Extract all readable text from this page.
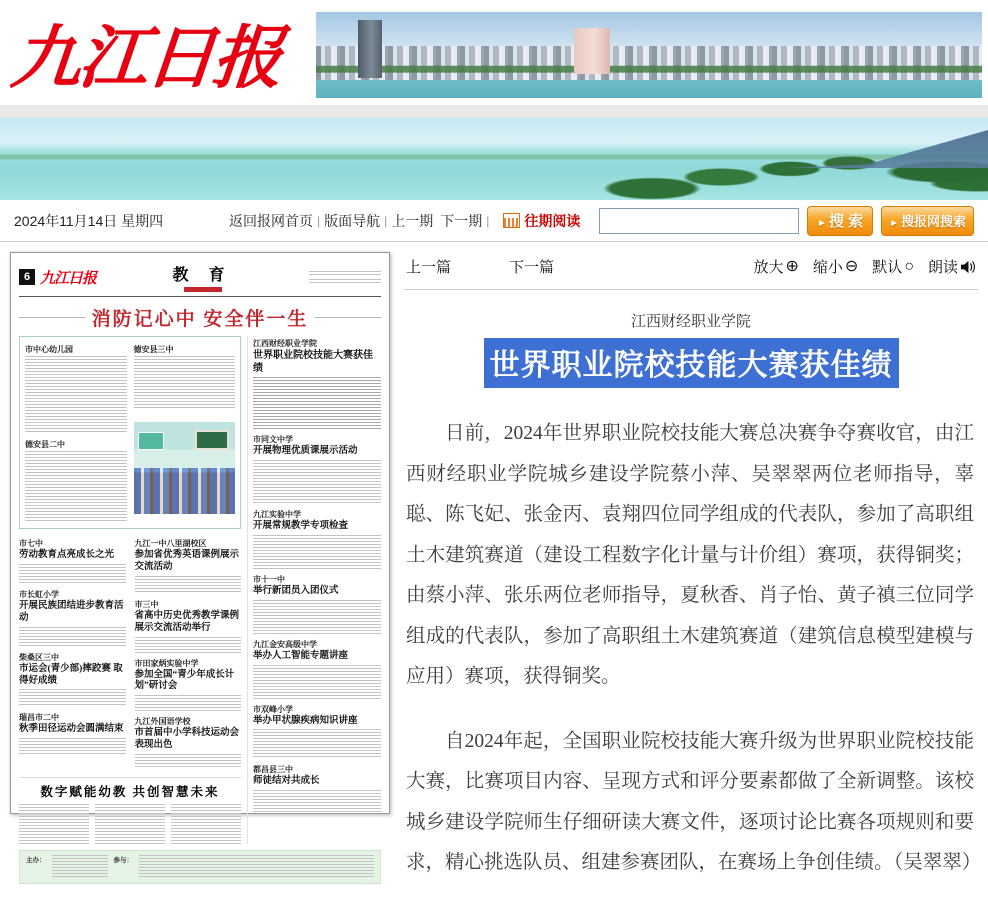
九江日报
2024年11月14日 星期四	返回报网首页 | 版面导航 | 上一期 下一期 |	往期阅读	► 搜 索	► 搜报网搜索
6 九江日报	教 育
消防记心中 安全伴一生
市中心幼儿园
德安县二中
德安县三中
市七中
劳动教育点亮成长之光
市长虹小学
开展民族团结进步教育活动
柴桑区三中
市运会(青少部)摔跤赛 取得好成绩
瑞昌市二中
秋季田径运动会圆满结束
九江一中八里湖校区
参加省优秀英语课例展示交流活动
市三中
省高中历史优秀教学课例展示交流活动举行
市田家炳实验中学
参加全国“青少年成长计划”研讨会
九江外国语学校
市首届中小学科技运动会表现出色
数字赋能幼教 共创智慧未来
江西财经职业学院
世界职业院校技能大赛获佳绩
市同文中学
开展物理优质课展示活动
九江实验中学
开展常规教学专项检查
市十一中
举行新团员入团仪式
九江金安高级中学
举办人工智能专题讲座
市双峰小学
举办甲状腺疾病知识讲座
都昌县三中
师徒结对共成长
主办：	参与：
上一篇	下一篇	放大 ⊕ 缩小 ⊖ 默认 ○ 朗读
江西财经职业学院
世界职业院校技能大赛获佳绩

日前，2024年世界职业院校技能大赛总决赛争夺赛收官，由江西财经职业学院城乡建设学院蔡小萍、吴翠翠两位老师指导，辜聪、陈飞妃、张金丙、袁翔四位同学组成的代表队，参加了高职组土木建筑赛道（建设工程数字化计量与计价组）赛项，获得铜奖；由蔡小萍、张乐两位老师指导，夏秋香、肖子怡、黄子禛三位同学组成的代表队，参加了高职组土木建筑赛道（建筑信息模型建模与应用）赛项，获得铜奖。

自2024年起，全国职业院校技能大赛升级为世界职业院校技能大赛，比赛项目内容、呈现方式和评分要素都做了全新调整。该校城乡建设学院师生仔细研读大赛文件，逐项讨论比赛各项规则和要求，精心挑选队员、组建参赛团队，在赛场上争创佳绩。（吴翠翠）
